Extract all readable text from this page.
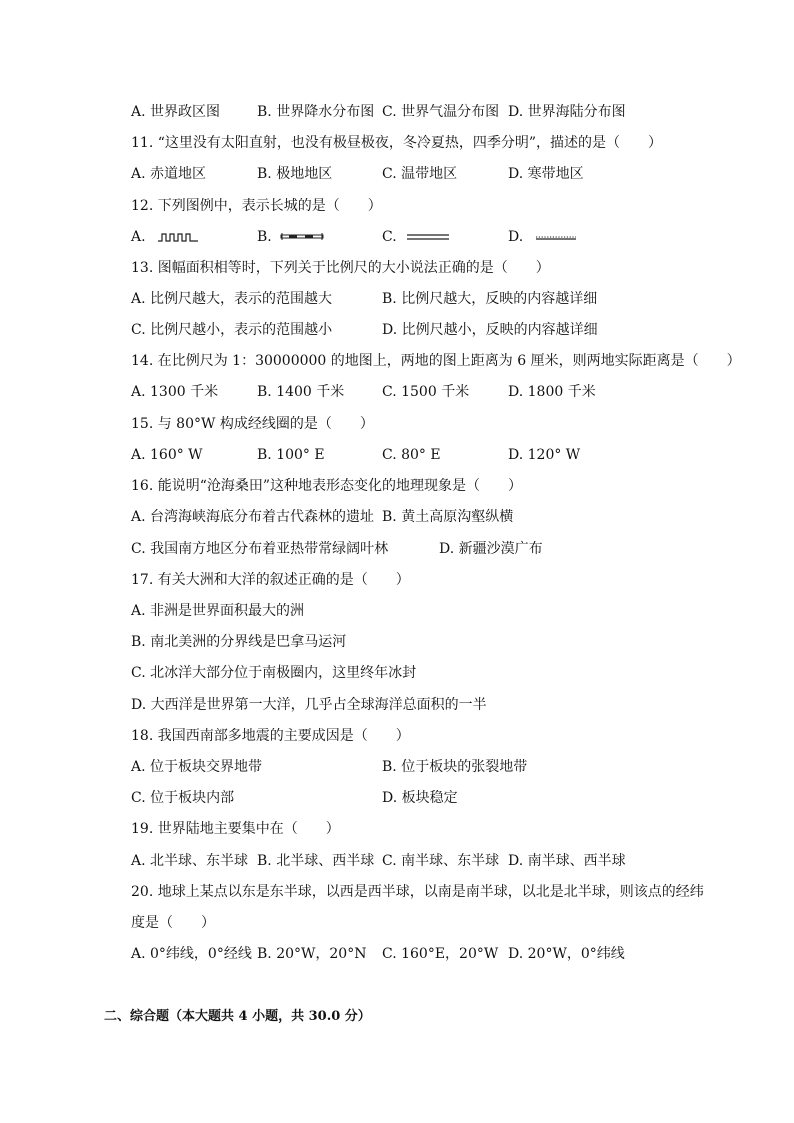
A. 世界政区图	B. 世界降水分布图 C. 世界气温分布图 D. 世界海陆分布图
11. “这里没有太阳直射，也没有极昼极夜，冬冷夏热，四季分明”，描述的是（　　）
A. 赤道地区	B. 极地地区	C. 温带地区	D. 寒带地区
12. 下列图例中，表示长城的是（　　）
A.	B.	C.	D.
13. 图幅面积相等时，下列关于比例尺的大小说法正确的是（　　）
A. 比例尺越大，表示的范围越大	B. 比例尺越大，反映的内容越详细
C. 比例尺越小，表示的范围越小	D. 比例尺越小，反映的内容越详细
14. 在比例尺为 1：30000000 的地图上，两地的图上距离为 6 厘米，则两地实际距离是（　　）
A. 1300 千米	B. 1400 千米	C. 1500 千米	D. 1800 千米
15. 与 80°W 构成经线圈的是（　　）
A. 160° W	B. 100° E	C. 80° E	D. 120° W
16. 能说明“沧海桑田”这种地表形态变化的地理现象是（　　）
A. 台湾海峡海底分布着古代森林的遗址 B. 黄土高原沟壑纵横
C. 我国南方地区分布着亚热带常绿阔叶林	D. 新疆沙漠广布
17. 有关大洲和大洋的叙述正确的是（　　）
A. 非洲是世界面积最大的洲
B. 南北美洲的分界线是巴拿马运河
C. 北冰洋大部分位于南极圈内，这里终年冰封
D. 大西洋是世界第一大洋，几乎占全球海洋总面积的一半
18. 我国西南部多地震的主要成因是（　　）
A. 位于板块交界地带	B. 位于板块的张裂地带
C. 位于板块内部	D. 板块稳定
19. 世界陆地主要集中在（　　）
A. 北半球、东半球 B. 北半球、西半球 C. 南半球、东半球 D. 南半球、西半球
20. 地球上某点以东是东半球，以西是西半球，以南是南半球，以北是北半球，则该点的经纬
度是（　　）
A. 0°纬线，0°经线 B. 20°W，20°N C. 160°E，20°W D. 20°W，0°纬线
二、综合题（本大题共 4 小题，共 30.0 分）
